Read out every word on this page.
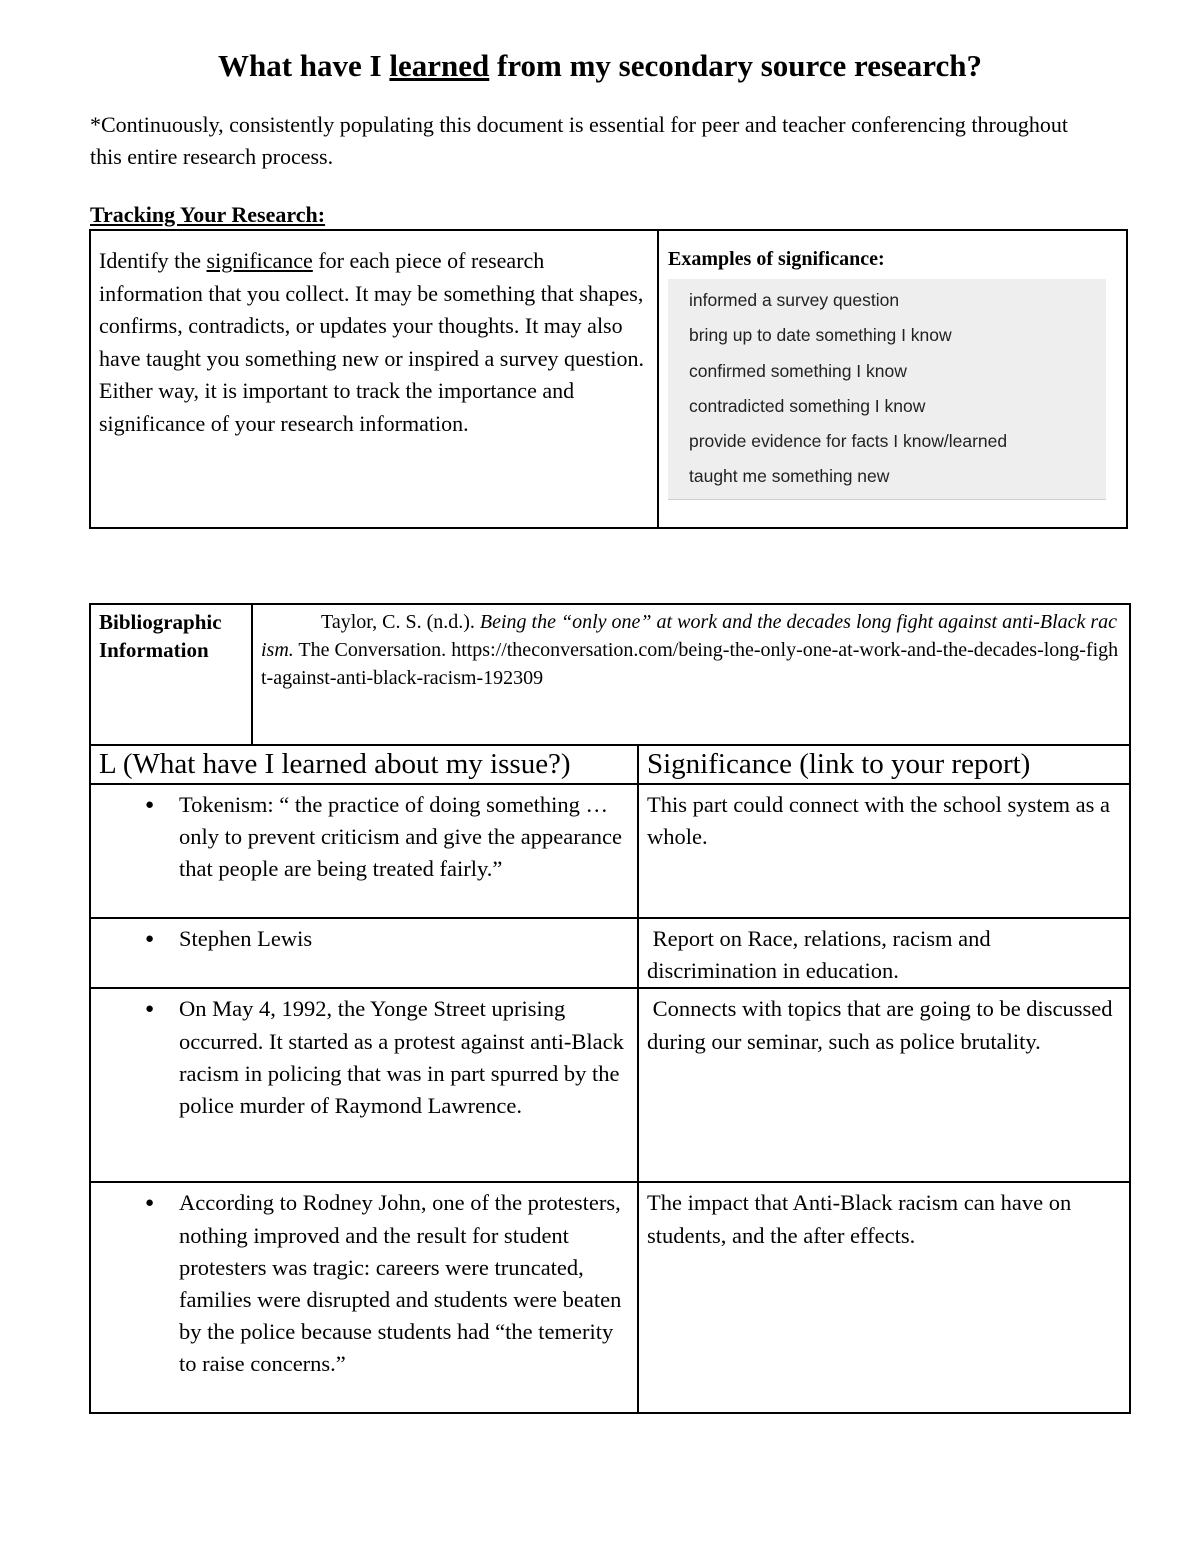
What have I learned from my secondary source research?

*Continuously, consistently populating this document is essential for peer and teacher conferencing throughout this entire research process.

Tracking Your Research:

Identify the significance for each piece of research information that you collect. It may be something that shapes, confirms, contradicts, or updates your thoughts. It may also have taught you something new or inspired a survey question. Either way, it is important to track the importance and significance of your research information.	

Examples of significance:

informed a survey question
bring up to date something I know
confirmed something I know
contradicted something I know
provide evidence for facts I know/learned
taught me something new
Bibliographic Information	Taylor, C. S. (n.d.). Being the “only one” at work and the decades long fight against anti-Black racism. The Conversation. https://theconversation.com/being-the-only-one-at-work-and-the-decades-long-fight-against-anti-black-racism-192309
L (What have I learned about my issue?)	Significance (link to your report)

● Tokenism: “ the practice of doing something …only to prevent criticism and give the appearance that people are being treated fairly.”	This part could connect with the school system as a whole.

● Stephen Lewis	Report on Race, relations, racism and discrimination in education.

● On May 4, 1992, the Yonge Street uprising occurred. It started as a protest against anti-Black racism in policing that was in part spurred by the police murder of Raymond Lawrence.	Connects with topics that are going to be discussed during our seminar, such as police brutality.

● According to Rodney John, one of the protesters, nothing improved and the result for student protesters was tragic: careers were truncated, families were disrupted and students were beaten by the police because students had “the temerity to raise concerns.”	The impact that Anti-Black racism can have on students, and the after effects.
